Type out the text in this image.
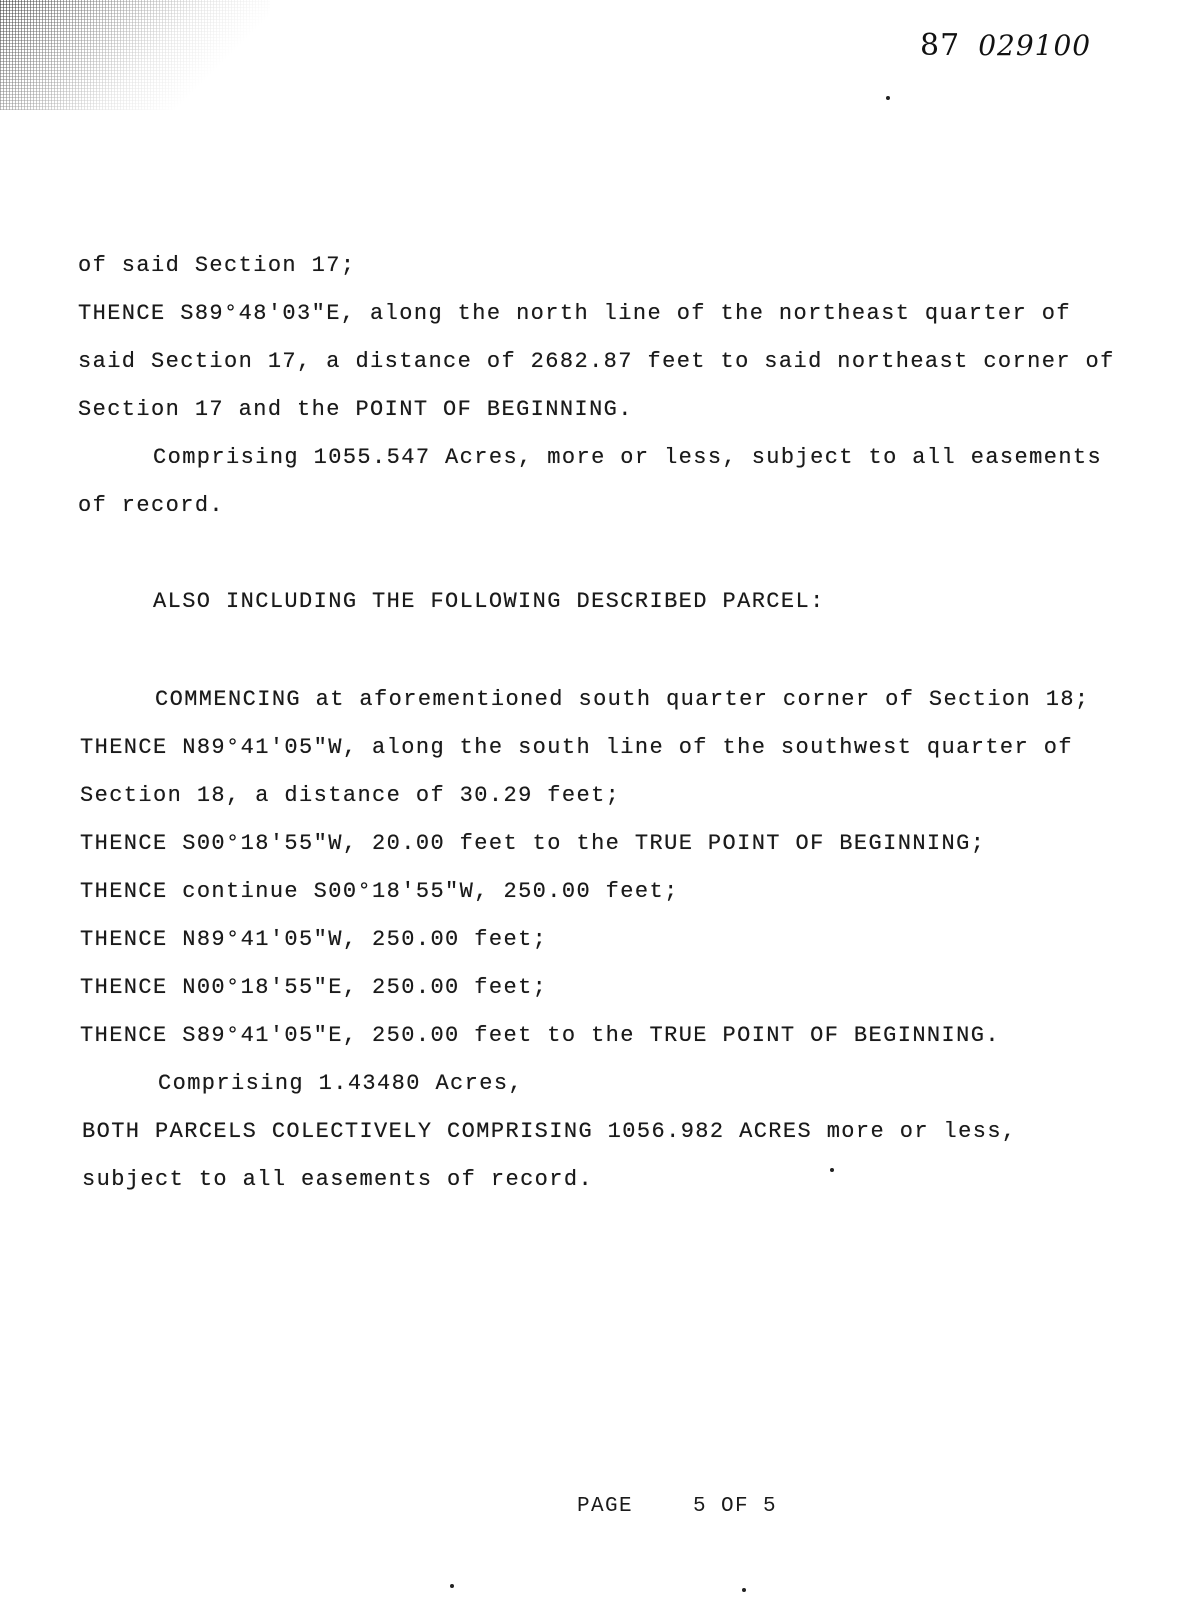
87 029100
of said Section 17;
THENCE S89°48'03"E, along the north line of the northeast quarter of
said Section 17, a distance of 2682.87 feet to said northeast corner of
Section 17 and the POINT OF BEGINNING.
Comprising 1055.547 Acres, more or less, subject to all easements
of record.
ALSO INCLUDING THE FOLLOWING DESCRIBED PARCEL:
COMMENCING at aforementioned south quarter corner of Section 18;
THENCE N89°41'05"W, along the south line of the southwest quarter of
Section 18, a distance of 30.29 feet;
THENCE S00°18'55"W, 20.00 feet to the TRUE POINT OF BEGINNING;
THENCE continue S00°18'55"W, 250.00 feet;
THENCE N89°41'05"W, 250.00 feet;
THENCE N00°18'55"E, 250.00 feet;
THENCE S89°41'05"E, 250.00 feet to the TRUE POINT OF BEGINNING.
Comprising 1.43480 Acres,
BOTH PARCELS COLECTIVELY COMPRISING 1056.982 ACRES more or less,
subject to all easements of record.

PAGE	5 OF 5
